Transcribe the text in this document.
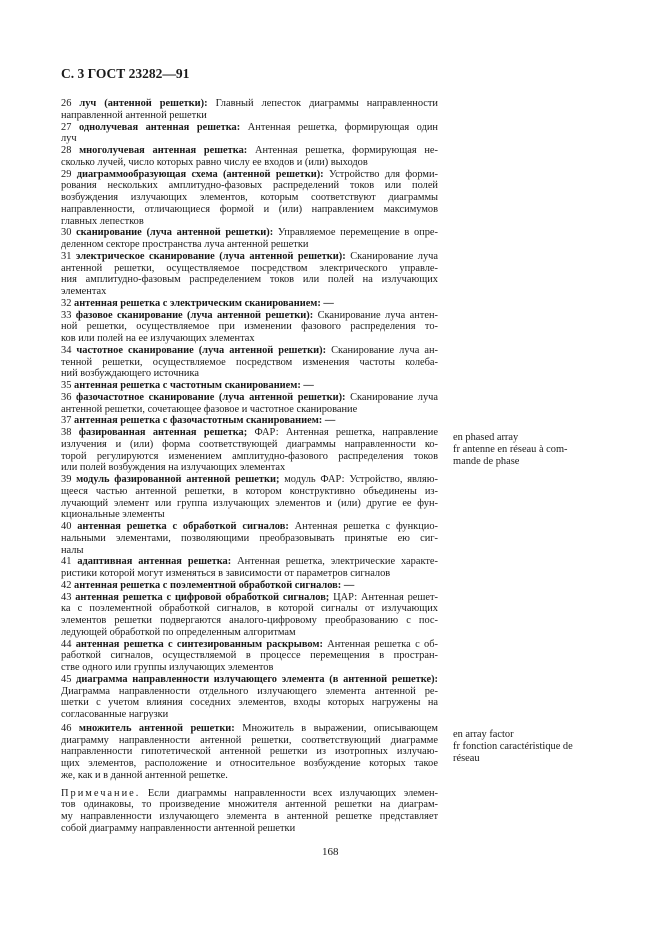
С. 3 ГОСТ 23282—91
26 луч (антенной решетки): Главный лепесток диаграммы направленности
направленной антенной решетки
27 однолучевая антенная решетка: Антенная решетка, формирующая один
луч
28 многолучевая антенная решетка: Антенная решетка, формирующая не-
сколько лучей, число которых равно числу ее входов и (или) выходов
29 диаграммообразующая схема (антенной решетки): Устройство для форми-
рования нескольких амплитудно-фазовых распределений токов или полей
возбуждения излучающих элементов, которым соответствуют диаграммы
направленности, отличающиеся формой и (или) направлением максимумов
главных лепестков
30 сканирование (луча антенной решетки): Управляемое перемещение в опре-
деленном секторе пространства луча антенной решетки
31 электрическое сканирование (луча антенной решетки): Сканирование луча
антенной решетки, осуществляемое посредством электрического управле-
ния амплитудно-фазовым распределением токов или полей на излучающих
элементах
32 антенная решетка с электрическим сканированием: —
33 фазовое сканирование (луча антенной решетки): Сканирование луча антен-
ной решетки, осуществляемое при изменении фазового распределения то-
ков или полей на ее излучающих элементах
34 частотное сканирование (луча антенной решетки): Сканирование луча ан-
тенной решетки, осуществляемое посредством изменения частоты колеба-
ний возбуждающего источника
35 антенная решетка с частотным сканированием: —
36 фазочастотное сканирование (луча антенной решетки): Сканирование луча
антенной решетки, сочетающее фазовое и частотное сканирование
37 антенная решетка с фазочастотным сканированием: —
38 фазированная антенная решетка; ФАР: Антенная решетка, направление
излучения и (или) форма соответствующей диаграммы направленности ко-
торой регулируются изменением амплитудно-фазового распределения токов
или полей возбуждения на излучающих элементах
39 модуль фазированной антенной решетки; модуль ФАР: Устройство, являю-
щееся частью антенной решетки, в котором конструктивно объединены из-
лучающий элемент или группа излучающих элементов и (или) другие ее фун-
кциональные элементы
40 антенная решетка с обработкой сигналов: Антенная решетка с функцио-
нальными элементами, позволяющими преобразовывать принятые ею сиг-
налы
41 адаптивная антенная решетка: Антенная решетка, электрические характе-
ристики которой могут изменяться в зависимости от параметров сигналов
42 антенная решетка с поэлементной обработкой сигналов: —
43 антенная решетка с цифровой обработкой сигналов; ЦАР: Антенная решет-
ка с поэлементной обработкой сигналов, в которой сигналы от излучающих
элементов решетки подвергаются аналого-цифровому преобразованию с пос-
ледующей обработкой по определенным алгоритмам
44 антенная решетка с синтезированным раскрывом: Антенная решетка с об-
работкой сигналов, осуществляемой в процессе перемещения в простран-
стве одного или группы излучающих элементов
45 диаграмма направленности излучающего элемента (в антенной решетке):
Диаграмма направленности отдельного излучающего элемента антенной ре-
шетки с учетом влияния соседних элементов, входы которых нагружены на
согласованные нагрузки
46 множитель антенной решетки: Множитель в выражении, описывающем
диаграмму направленности антенной решетки, соответствующий диаграмме
направленности гипотетической антенной решетки из изотропных излучаю-
щих элементов, расположение и относительное возбуждение которых такое
же, как и в данной антенной решетке.
Примечание. Если диаграммы направленности всех излучающих элемен-
тов одинаковы, то произведение множителя антенной решетки на диаграм-
му направленности излучающего элемента в антенной решетке представляет
собой диаграмму направленности антенной решетки
en phased array
fr antenne en réseau à com-
mande de phase
en array factor
fr fonction caractéristique de
réseau
168
